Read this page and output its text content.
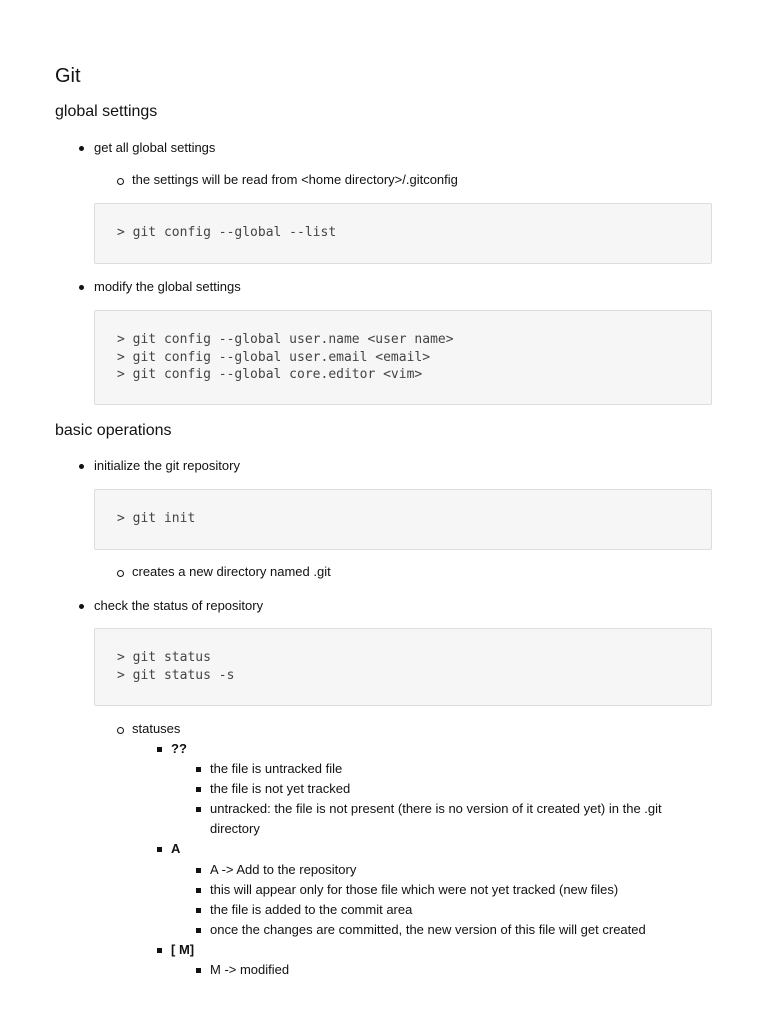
Git
global settings

get all global settings

the settings will be read from <home directory>/.gitconfig

> git config --global --list

modify the global settings

> git config --global user.name <user name>
> git config --global user.email <email>
> git config --global core.editor <vim>
basic operations

initialize the git repository

> git init

creates a new directory named .git

check the status of repository

> git status
> git status -s

statuses

??

the file is untracked file

the file is not yet tracked

untracked: the file is not present (there is no version of it created yet) in the .git

directory

A

A -> Add to the repository

this will appear only for those file which were not yet tracked (new files)

the file is added to the commit area

once the changes are committed, the new version of this file will get created

[ M]

M -> modified
